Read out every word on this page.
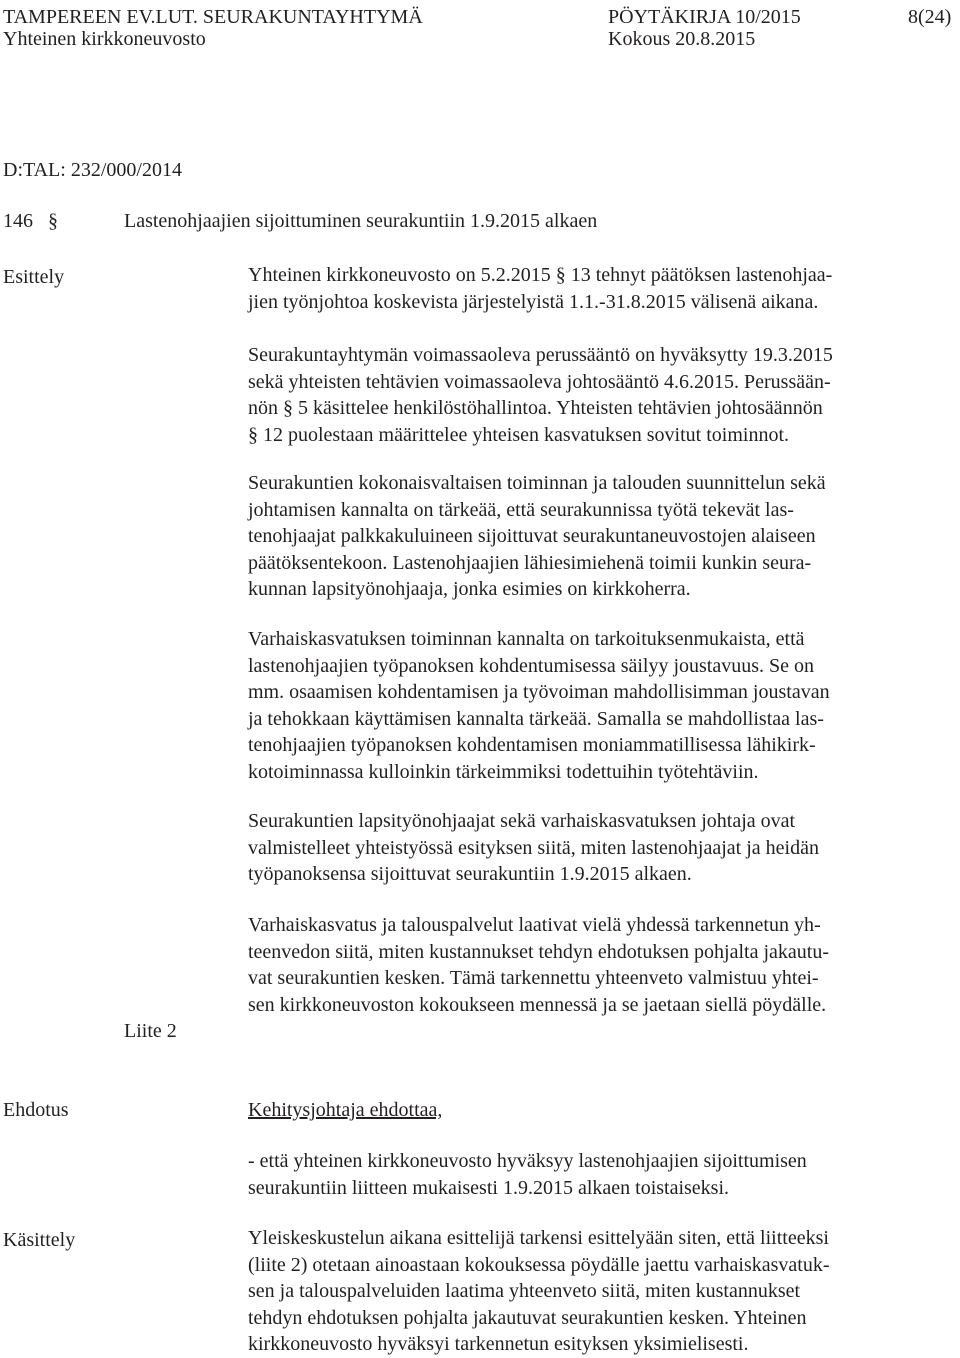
TAMPEREEN EV.LUT. SEURAKUNTAYHTYMÄ
Yhteinen kirkkoneuvosto
PÖYTÄKIRJA 10/2015
Kokous 20.8.2015
8(24)
D:TAL: 232/000/2014
146 §	Lastenohjaajien sijoittuminen seurakuntiin 1.9.2015 alkaen
Esittely	Yhteinen kirkkoneuvosto on 5.2.2015 § 13 tehnyt päätöksen lastenohjaa-
jien työnjohtoa koskevista järjestelyistä 1.1.-31.8.2015 välisenä aikana.
Seurakuntayhtymän voimassaoleva perussääntö on hyväksytty 19.3.2015
sekä yhteisten tehtävien voimassaoleva johtosääntö 4.6.2015. Perussään-
nön § 5 käsittelee henkilöstöhallintoa. Yhteisten tehtävien johtosäännön
§ 12 puolestaan määrittelee yhteisen kasvatuksen sovitut toiminnot.
Seurakuntien kokonaisvaltaisen toiminnan ja talouden suunnittelun sekä
johtamisen kannalta on tärkeää, että seurakunnissa työtä tekevät las-
tenohjaajat palkkakuluineen sijoittuvat seurakuntaneuvostojen alaiseen
päätöksentekoon. Lastenohjaajien lähiesimiehenä toimii kunkin seura-
kunnan lapsityönohjaaja, jonka esimies on kirkkoherra.
Varhaiskasvatuksen toiminnan kannalta on tarkoituksenmukaista, että
lastenohjaajien työpanoksen kohdentumisessa säilyy joustavuus. Se on
mm. osaamisen kohdentamisen ja työvoiman mahdollisimman joustavan
ja tehokkaan käyttämisen kannalta tärkeää. Samalla se mahdollistaa las-
tenohjaajien työpanoksen kohdentamisen moniammatillisessa lähikirk-
kotoiminnassa kulloinkin tärkeimmiksi todettuihin työtehtäviin.
Seurakuntien lapsityönohjaajat sekä varhaiskasvatuksen johtaja ovat
valmistelleet yhteistyössä esityksen siitä, miten lastenohjaajat ja heidän
työpanoksensa sijoittuvat seurakuntiin 1.9.2015 alkaen.
Varhaiskasvatus ja talouspalvelut laativat vielä yhdessä tarkennetun yh-
teenvedon siitä, miten kustannukset tehdyn ehdotuksen pohjalta jakautu-
vat seurakuntien kesken. Tämä tarkennettu yhteenveto valmistuu yhtei-
sen kirkkoneuvoston kokoukseen mennessä ja se jaetaan siellä pöydälle.
Liite 2
Ehdotus	Kehitysjohtaja ehdottaa,
- että yhteinen kirkkoneuvosto hyväksyy lastenohjaajien sijoittumisen
seurakuntiin liitteen mukaisesti 1.9.2015 alkaen toistaiseksi.
Käsittely	Yleiskeskustelun aikana esittelijä tarkensi esittelyään siten, että liitteeksi
(liite 2) otetaan ainoastaan kokouksessa pöydälle jaettu varhaiskasvatuk-
sen ja talouspalveluiden laatima yhteenveto siitä, miten kustannukset
tehdyn ehdotuksen pohjalta jakautuvat seurakuntien kesken. Yhteinen
kirkkoneuvosto hyväksyi tarkennetun esityksen yksimielisesti.
